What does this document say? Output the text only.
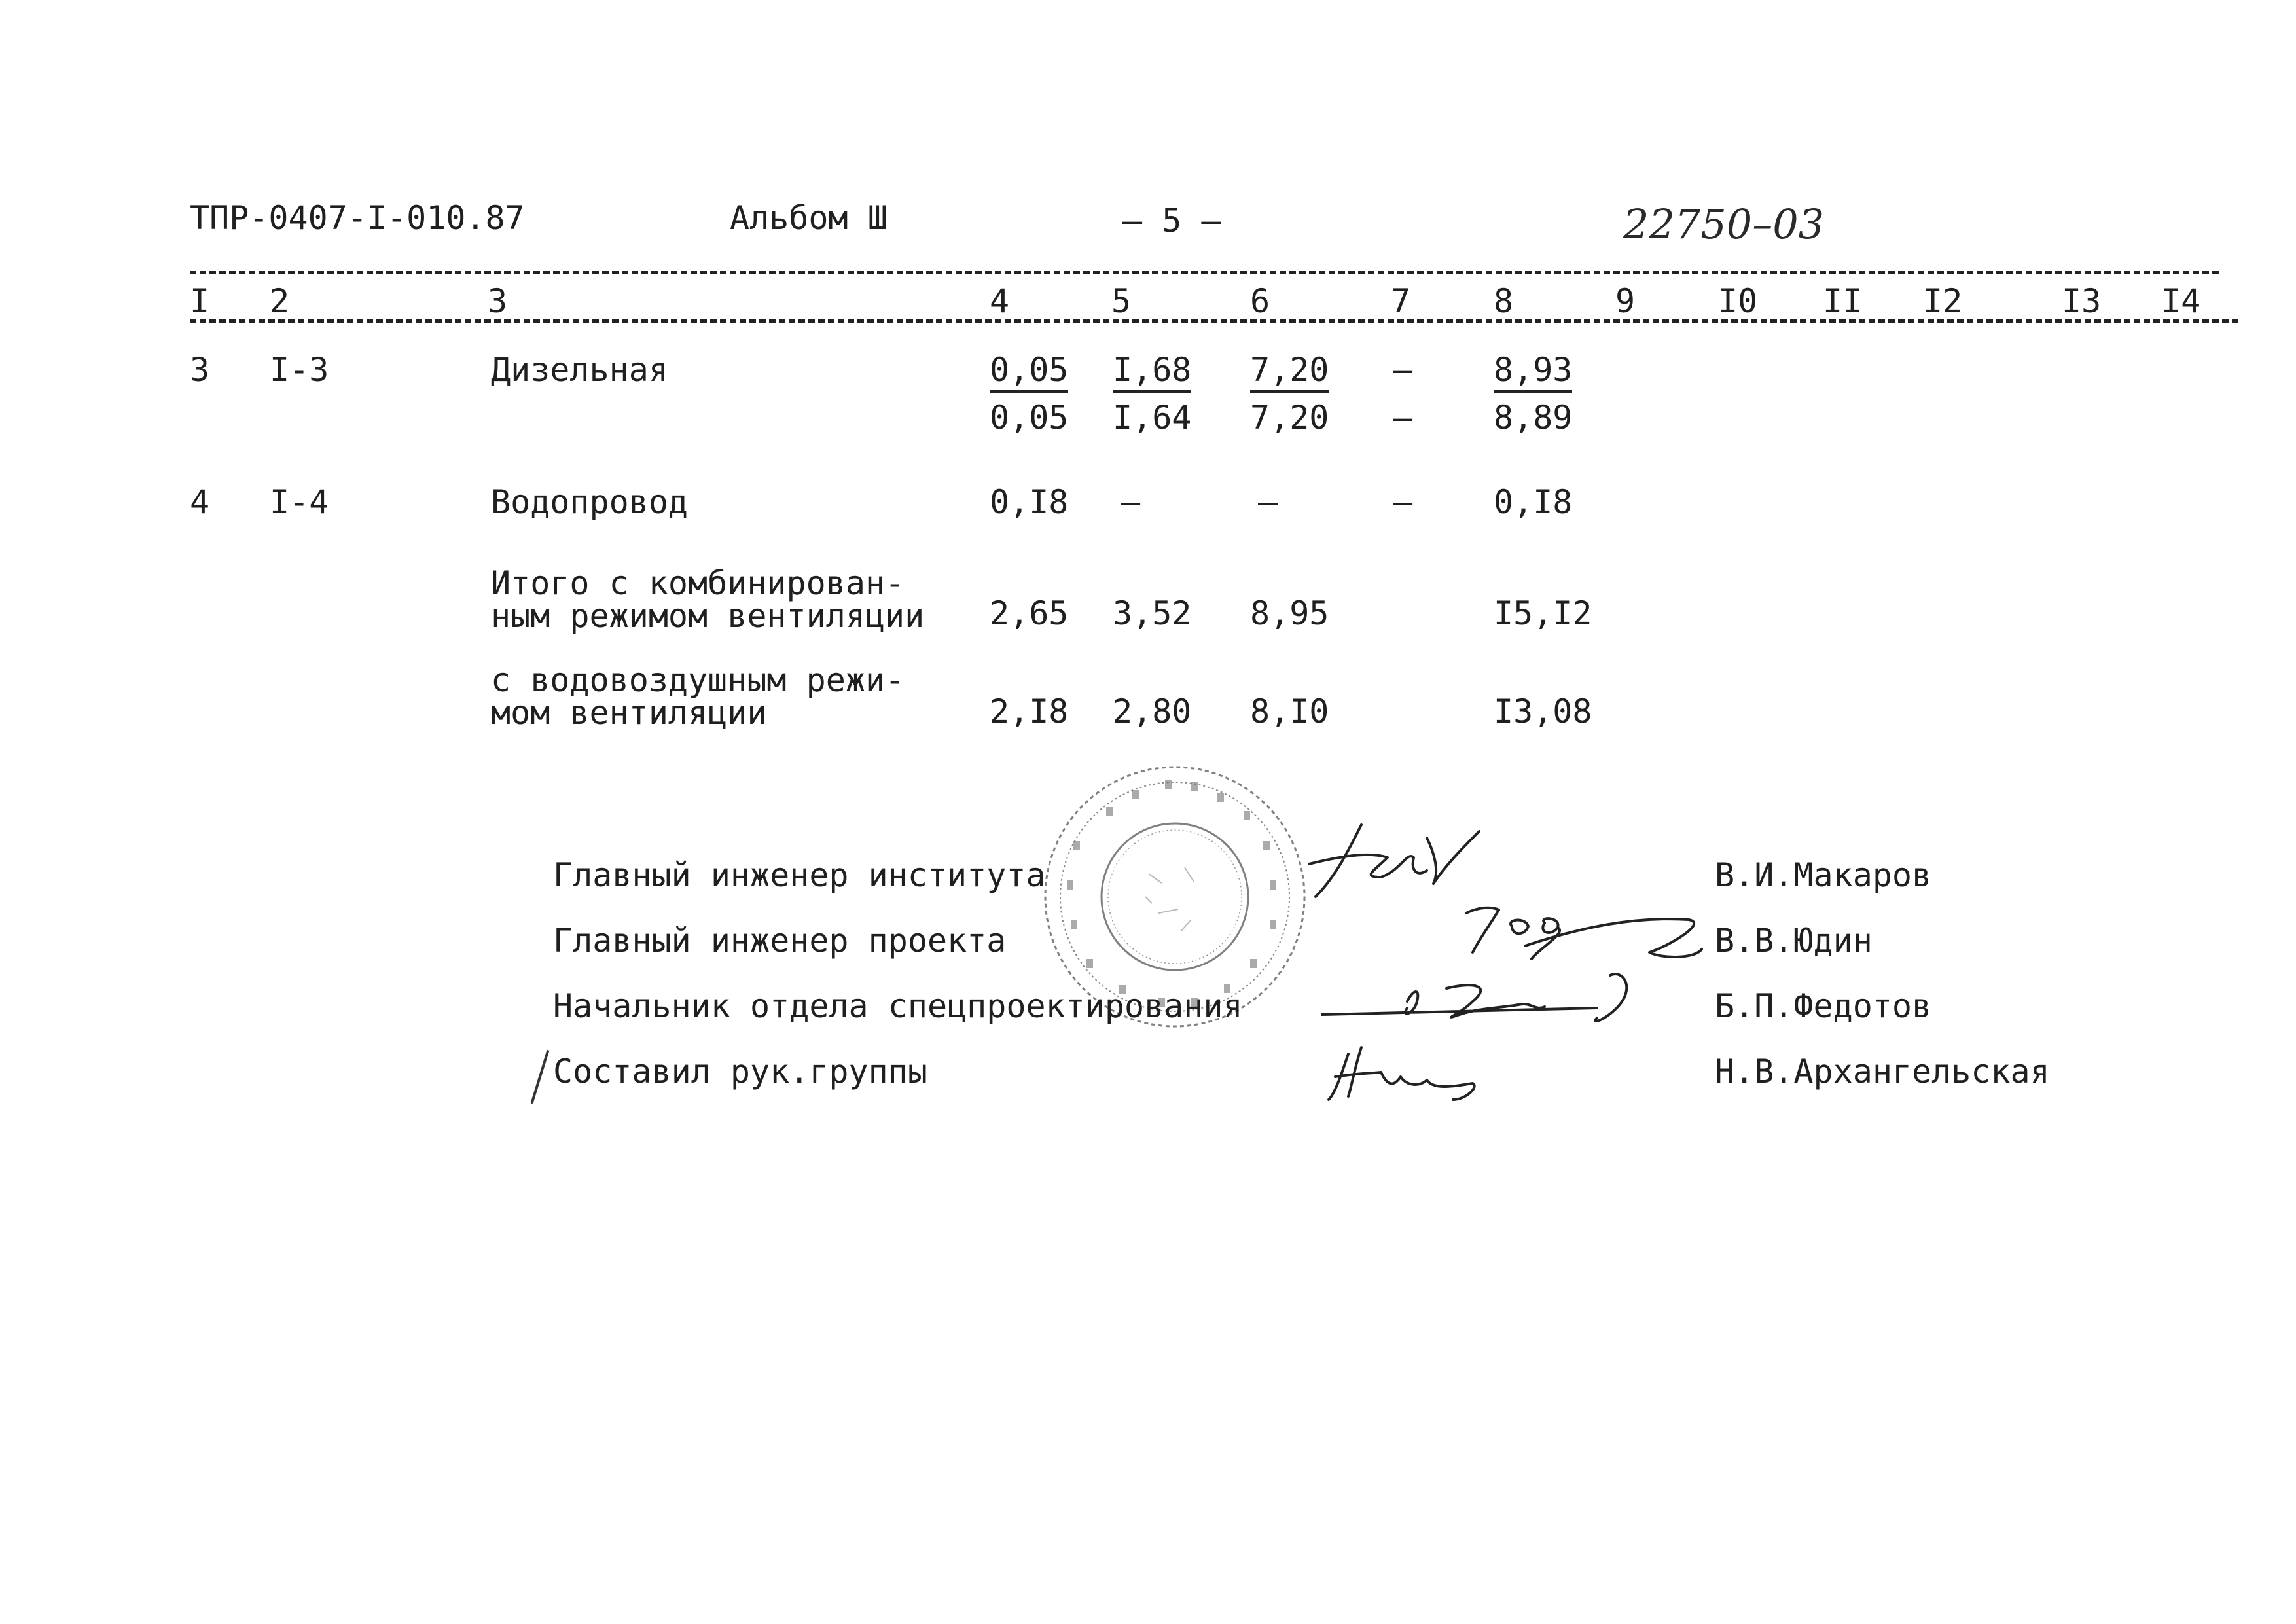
ТПР-0407-І-010.87	Альбом Ш	– 5 –	22750–03
І 2	3	4	5	6	7	8	9	І0 ІІ І2	І3 І4
3 І-3	Дизельная	0,05 І,68 7,20 – 8,93
0,05 І,64 7,20 – 8,89
4 І-4	Водопровод	0,І8 –	–	– 0,І8
Итого с комбинирован-
ным режимом вентиляции 2,65 3,52 8,95	І5,І2
с водовоздушным режи-
мом вентиляции	2,І8 2,80 8,І0	І3,08
Главный инженер института	В.И.Макаров
Главный инженер проекта	В.В.Юдин
Начальник отдела спецпроектирования	Б.П.Федотов
Составил рук.группы	Н.В.Архангельская
